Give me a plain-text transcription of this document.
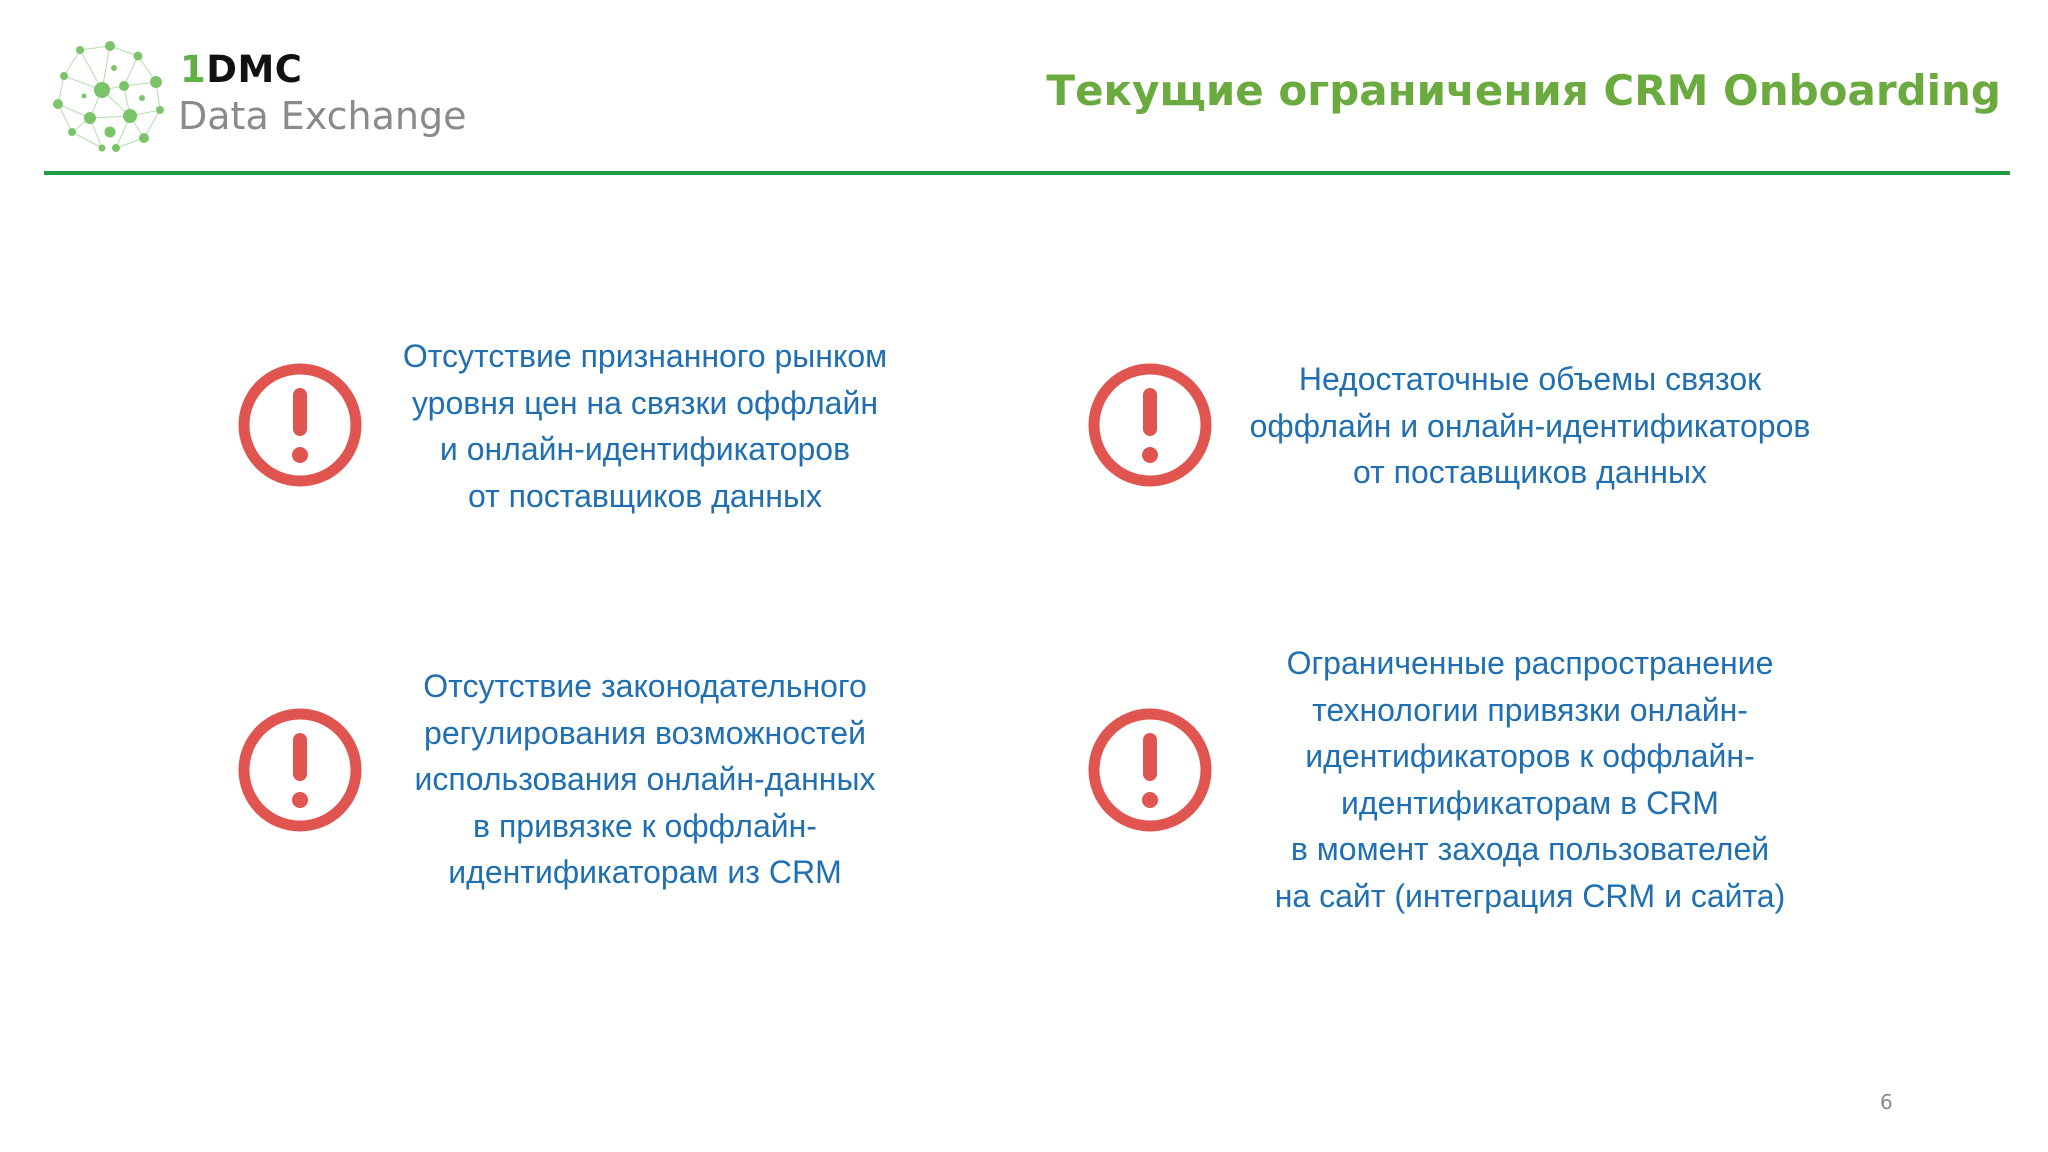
1DMC
Data Exchange
Текущие ограничения CRM Onboarding
Отсутствие признанного рынком
уровня цен на связки оффлайн
и онлайн-идентификаторов
от поставщиков данных
Недостаточные объемы связок
оффлайн и онлайн-идентификаторов
от поставщиков данных
Отсутствие законодательного
регулирования возможностей
использования онлайн-данных
в привязке к оффлайн-
идентификаторам из CRM
Ограниченные распространение
технологии привязки онлайн-
идентификаторов к оффлайн-
идентификаторам в CRM
в момент захода пользователей
на сайт (интеграция CRM и сайта)
6
